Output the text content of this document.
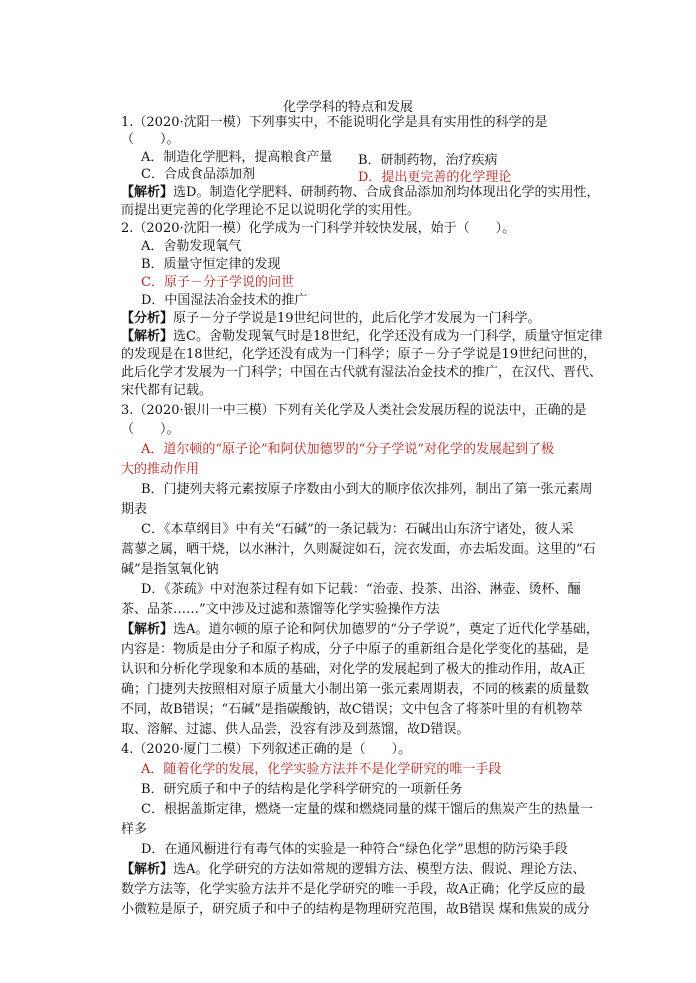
化学学科的特点和发展
1.（2020·沈阳一模）下列事实中，不能说明化学是具有实用性的科学的是
（　　）。
A．制造化学肥料，提高粮食产量 B．研制药物，治疗疾病
C．合成食品添加剂	D．提出更完善的化学理论
【解析】选D。制造化学肥料、研制药物、合成食品添加剂均体现出化学的实用性，
而提出更完善的化学理论不足以说明化学的实用性。
2.（2020·沈阳一模）化学成为一门科学并较快发展，始于（　　）。
A．舍勒发现氧气
B．质量守恒定律的发现
C．原子－分子学说的问世
D．中国湿法冶金技术的推广
【分析】原子－分子学说是19世纪问世的，此后化学才发展为一门科学。
【解析】选C。舍勒发现氧气时是18世纪，化学还没有成为一门科学，质量守恒定律
的发现是在18世纪，化学还没有成为一门科学；原子－分子学说是19世纪问世的，
此后化学才发展为一门科学；中国在古代就有湿法冶金技术的推广，在汉代、晋代、
宋代都有记载。
3.（2020·银川一中三模）下列有关化学及人类社会发展历程的说法中，正确的是
（　　）。
A．道尔顿的“原子论”和阿伏加德罗的“分子学说”对化学的发展起到了极
大的推动作用
B．门捷列夫将元素按原子序数由小到大的顺序依次排列，制出了第一张元素周
期表
C．《本草纲目》中有关“石碱”的一条记载为：石碱出山东济宁诸处，彼人采
蒿蓼之属，晒干烧，以水淋汁，久则凝淀如石，浣衣发面，亦去垢发面。这里的“石
碱”是指氢氧化钠
D．《茶疏》中对泡茶过程有如下记载：“治壶、投茶、出浴、淋壶、烫杯、酾
茶、品茶……”文中涉及过滤和蒸馏等化学实验操作方法
【解析】选A。道尔顿的原子论和阿伏加德罗的“分子学说”，奠定了近代化学基础，
内容是：物质是由分子和原子构成，分子中原子的重新组合是化学变化的基础，是
认识和分析化学现象和本质的基础，对化学的发展起到了极大的推动作用，故A正
确；门捷列夫按照相对原子质量大小制出第一张元素周期表，不同的核素的质量数
不同，故B错误；“石碱”是指碳酸钠，故C错误；文中包含了将茶叶里的有机物萃
取、溶解、过滤、供人品尝，没容有涉及到蒸馏，故D错误。
4.（2020·厦门二模）下列叙述正确的是（　　）。
A．随着化学的发展，化学实验方法并不是化学研究的唯一手段
B．研究质子和中子的结构是化学科学研究的一项新任务
C．根据盖斯定律，燃烧一定量的煤和燃烧同量的煤干馏后的焦炭产生的热量一
样多
D．在通风橱进行有毒气体的实验是一种符合“绿色化学”思想的防污染手段
【解析】选A。化学研究的方法如常规的逻辑方法、模型方法、假说、理论方法、
数学方法等，化学实验方法并不是化学研究的唯一手段，故A正确；化学反应的最
小微粒是原子，研究质子和中子的结构是物理研究范围，故B错误 煤和焦炭的成分
